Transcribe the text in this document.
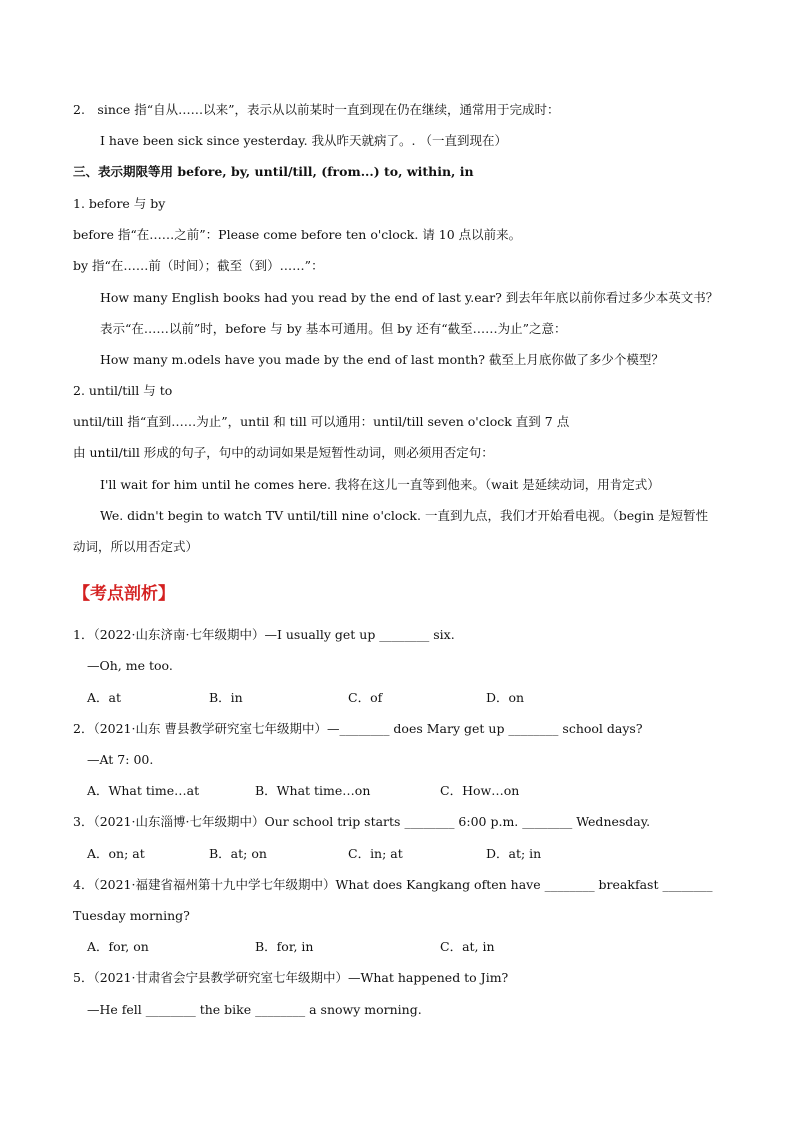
2.　since 指“自从……以来”，表示从以前某时一直到现在仍在继续，通常用于完成时：
I have been sick since yesterday. 我从昨天就病了。. （一直到现在）
三、表示期限等用 before, by, until/till, (from...) to, within, in
1. before 与 by
before 指“在……之前”：Please come before ten o'clock. 请 10 点以前来。
by 指“在……前（时间）；截至（到）……”：
How many English books had you read by the end of last y.ear? 到去年年底以前你看过多少本英文书？
表示“在……以前”时，before 与 by 基本可通用。但 by 还有“截至……为止”之意：
How many m.odels have you made by the end of last month? 截至上月底你做了多少个模型？
2. until/till 与 to
until/till 指“直到……为止”，until 和 till 可以通用：until/till seven o'clock 直到 7 点
由 until/till 形成的句子，句中的动词如果是短暂性动词，则必须用否定句：
I'll wait for him until he comes here. 我将在这儿一直等到他来。（wait 是延续动词，用肯定式）
We. didn't begin to watch TV until/till nine o'clock. 一直到九点，我们才开始看电视。（begin 是短暂性
动词，所以用否定式）
【考点剖析】
1．（2022·山东济南·七年级期中）—I usually get up ________ six.
—Oh, me too.
A．at	B．in	C．of	D．on
2．（2021·山东 曹县教学研究室七年级期中）—________ does Mary get up ________ school days?
—At 7: 00.
A．What time…at	B．What time…on	C．How…on
3．（2021·山东淄博·七年级期中）Our school trip starts ________ 6:00 p.m. ________ Wednesday.
A．on; at	B．at; on	C．in; at	D．at; in
4．（2021·福建省福州第十九中学七年级期中）What does Kangkang often have ________ breakfast ________
Tuesday morning?
A．for, on	B．for, in	C．at, in
5．（2021·甘肃省会宁县教学研究室七年级期中）—What happened to Jim?
—He fell ________ the bike ________ a snowy morning.
